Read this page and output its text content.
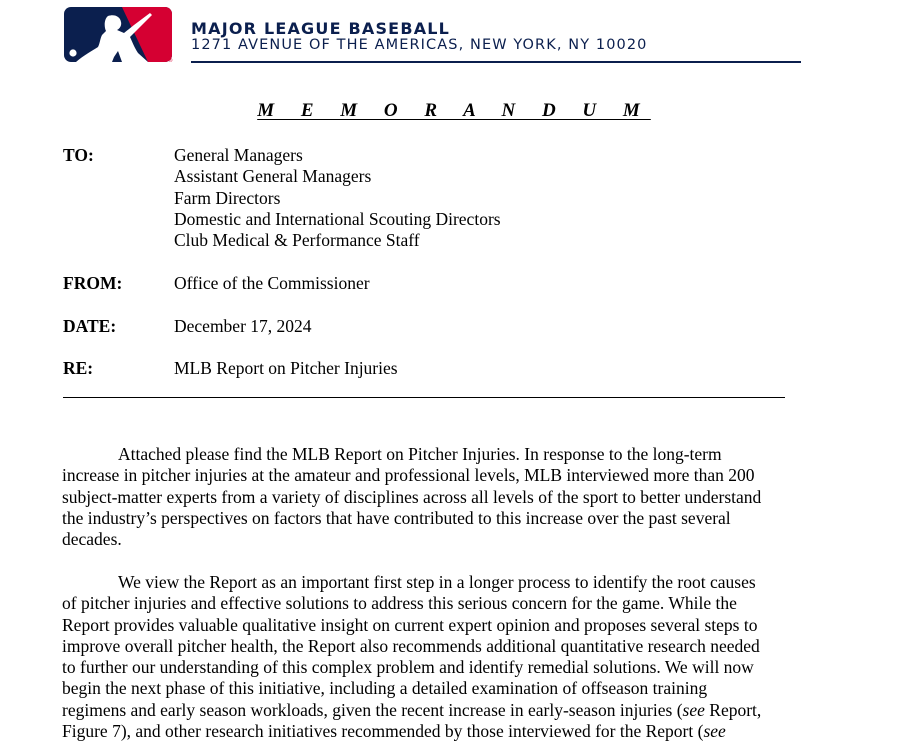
®
MAJOR LEAGUE BASEBALL
1271 AVENUE OF THE AMERICAS, NEW YORK, NY 10020
M E M O R A N D U M
TO:	General Managers
Assistant General Managers
Farm Directors
Domestic and International Scouting Directors
Club Medical & Performance Staff
FROM:	Office of the Commissioner
DATE:	December 17, 2024
RE:	MLB Report on Pitcher Injuries
Attached please find the MLB Report on Pitcher Injuries. In response to the long-term
increase in pitcher injuries at the amateur and professional levels, MLB interviewed more than 200
subject-matter experts from a variety of disciplines across all levels of the sport to better understand
the industry’s perspectives on factors that have contributed to this increase over the past several
decades.
We view the Report as an important first step in a longer process to identify the root causes
of pitcher injuries and effective solutions to address this serious concern for the game. While the
Report provides valuable qualitative insight on current expert opinion and proposes several steps to
improve overall pitcher health, the Report also recommends additional quantitative research needed
to further our understanding of this complex problem and identify remedial solutions. We will now
begin the next phase of this initiative, including a detailed examination of offseason training
regimens and early season workloads, given the recent increase in early-season injuries (see Report,
Figure 7), and other research initiatives recommended by those interviewed for the Report (see
